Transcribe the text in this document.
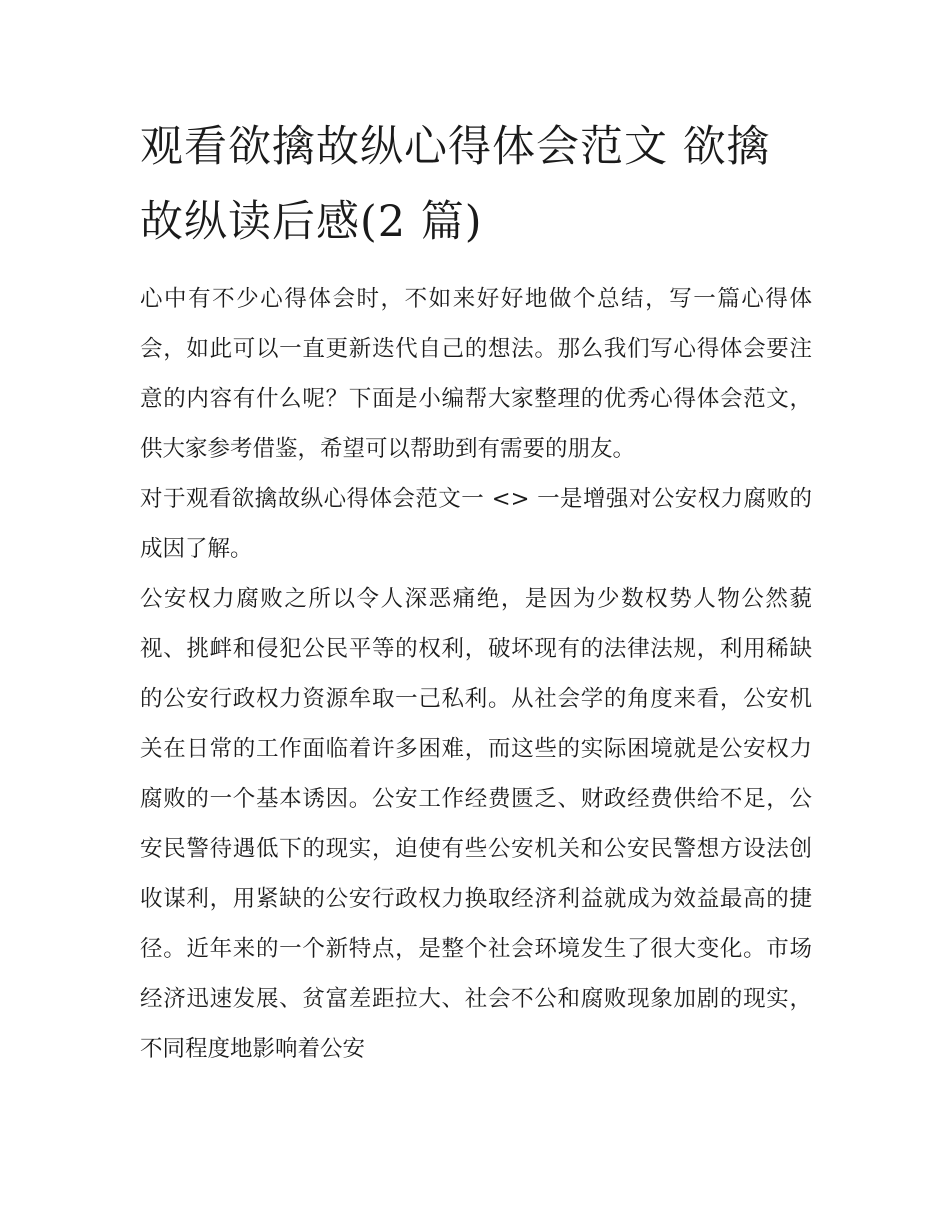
观看欲擒故纵心得体会范文 欲擒故纵读后感(2 篇)

心中有不少心得体会时，不如来好好地做个总结，写一篇心得体会，如此可以一直更新迭代自己的想法。那么我们写心得体会要注意的内容有什么呢？下面是小编帮大家整理的优秀心得体会范文，供大家参考借鉴，希望可以帮助到有需要的朋友。

对于观看欲擒故纵心得体会范文一 <> 一是增强对公安权力腐败的成因了解。

公安权力腐败之所以令人深恶痛绝，是因为少数权势人物公然藐视、挑衅和侵犯公民平等的权利，破坏现有的法律法规，利用稀缺的公安行政权力资源牟取一己私利。从社会学的角度来看，公安机关在日常的工作面临着许多困难，而这些的实际困境就是公安权力腐败的一个基本诱因。公安工作经费匮乏、财政经费供给不足，公安民警待遇低下的现实，迫使有些公安机关和公安民警想方设法创收谋利，用紧缺的公安行政权力换取经济利益就成为效益最高的捷径。近年来的一个新特点，是整个社会环境发生了很大变化。市场经济迅速发展、贫富差距拉大、社会不公和腐败现象加剧的现实，不同程度地影响着公安
